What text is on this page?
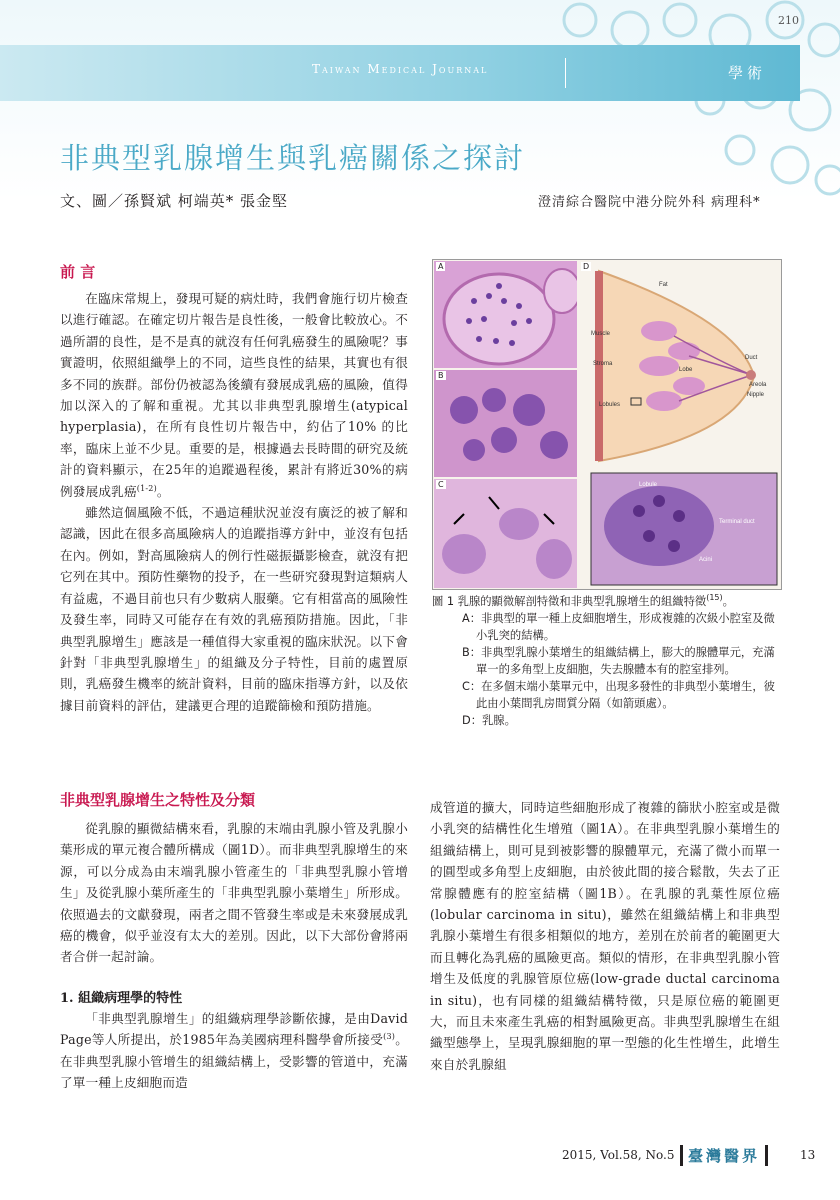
210
Taiwan Medical Journal	學術
非典型乳腺增生與乳癌關係之探討
文、圖／孫賢斌 柯端英* 張金堅	澄清綜合醫院中港分院外科 病理科*
前 言

在臨床常規上，發現可疑的病灶時，我們會施行切片檢查以進行確認。在確定切片報告是良性後，一般會比較放心。不過所謂的良性，是不是真的就沒有任何乳癌發生的風險呢？事實證明，依照組織學上的不同，這些良性的結果，其實也有很多不同的族群。部份仍被認為後續有發展成乳癌的風險，值得加以深入的了解和重視。尤其以非典型乳腺增生(atypical hyperplasia)，在所有良性切片報告中，約佔了10% 的比率，臨床上並不少見。重要的是，根據過去長時間的研究及統計的資料顯示，在25年的追蹤過程後，累計有將近30%的病例發展成乳癌$^{(1-2)}$。

雖然這個風險不低，不過這種狀況並沒有廣泛的被了解和認識，因此在很多高風險病人的追蹤指導方針中，並沒有包括在內。例如，對高風險病人的例行性磁振攝影檢查，就沒有把它列在其中。預防性藥物的投予，在一些研究發現對這類病人有益處，不過目前也只有少數病人服藥。它有相當高的風險性及發生率，同時又可能存在有效的乳癌預防措施。因此，「非典型乳腺增生」應該是一種值得大家重視的臨床狀況。以下會針對「非典型乳腺增生」的組織及分子特性，目前的處置原則，乳癌發生機率的統計資料，目前的臨床指導方針，以及依據目前資料的評估，建議更合理的追蹤篩檢和預防措施。

非典型乳腺增生之特性及分類

從乳腺的顯微結構來看，乳腺的末端由乳腺小管及乳腺小葉形成的單元複合體所構成（圖1D）。而非典型乳腺增生的來源，可以分成為由末端乳腺小管產生的「非典型乳腺小管增生」及從乳腺小葉所產生的「非典型乳腺小葉增生」所形成。依照過去的文獻發現，兩者之間不管發生率或是未來發展成乳癌的機會，似乎並沒有太大的差別。因此，以下大部份會將兩者合併一起討論。

1. 組織病理學的特性

「非典型乳腺增生」的組織病理學診斷依據，是由David Page等人所提出，於1985年為美國病理科醫學會所接受$^{(3)}$。在非典型乳腺小管增生的組織結構上，受影響的管道中，充滿了單一種上皮細胞而造

A
B
C
D
Fat
Muscle
Stroma
Lobe
Duct
Areola
Nipple
Lobules
Lobule
Terminal duct
Acini
圖 1 乳腺的顯微解剖特徵和非典型乳腺增生的組織特徵$^{(15)}$。
A：非典型的單一種上皮細胞增生，形成複雜的次級小腔室及微小乳突的結構。
B：非典型乳腺小葉增生的組織結構上，膨大的腺體單元，充滿單一的多角型上皮細胞，失去腺體本有的腔室排列。
C：在多個末端小葉單元中，出現多發性的非典型小葉增生，彼此由小葉間乳房間質分隔（如箭頭處）。
D：乳腺。

成管道的擴大，同時這些細胞形成了複雜的篩狀小腔室或是微小乳突的結構性化生增殖（圖1A）。在非典型乳腺小葉增生的組織結構上，則可見到被影響的腺體單元，充滿了微小而單一的圓型或多角型上皮細胞，由於彼此間的接合鬆散，失去了正常腺體應有的腔室結構（圖1B）。在乳腺的乳葉性原位癌(lobular carcinoma in situ)，雖然在組織結構上和非典型乳腺小葉增生有很多相類似的地方，差別在於前者的範圍更大而且轉化為乳癌的風險更高。類似的情形，在非典型乳腺小管增生及低度的乳腺管原位癌(low-grade ductal carcinoma in situ)，也有同樣的組織結構特徵，只是原位癌的範圍更大，而且未來產生乳癌的相對風險更高。非典型乳腺增生在組織型態學上，呈現乳腺細胞的單一型態的化生性增生，此增生來自於乳腺組

2015, Vol.58, No.5 臺灣醫界	13
